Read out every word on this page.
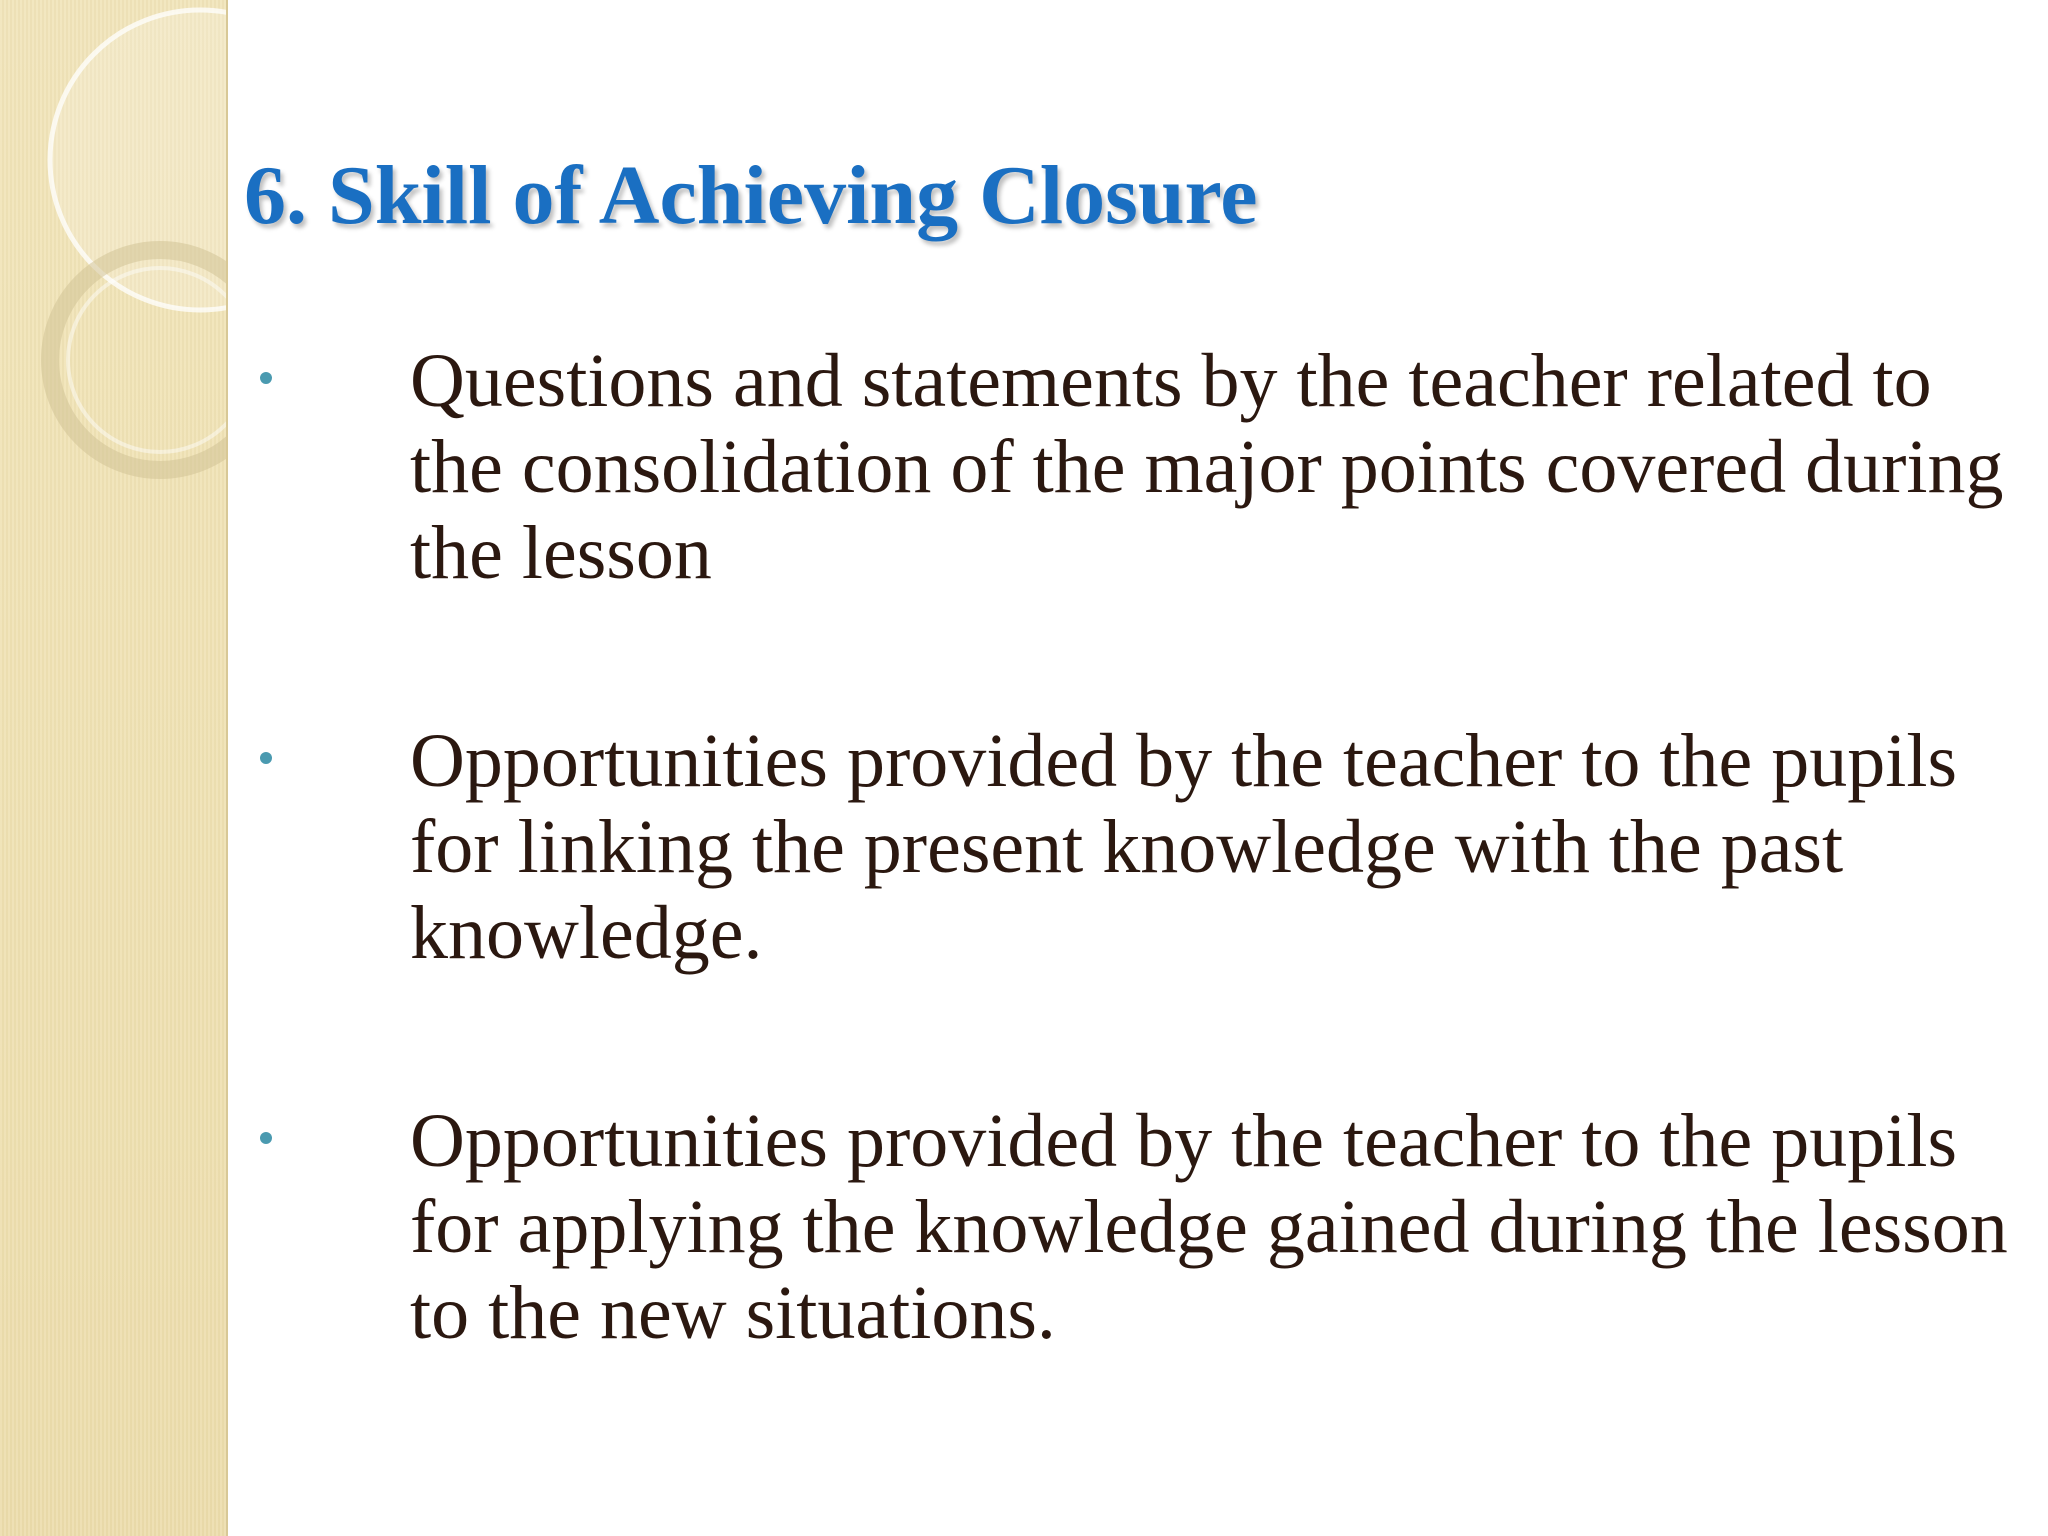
6. Skill of Achieving Closure

Questions and statements by the teacher related to the consolidation of the major points covered during the lesson

Opportunities provided by the teacher to the pupils for linking the present knowledge with the past knowledge.

Opportunities provided by the teacher to the pupils for applying the knowledge gained during the lesson to the new situations.
